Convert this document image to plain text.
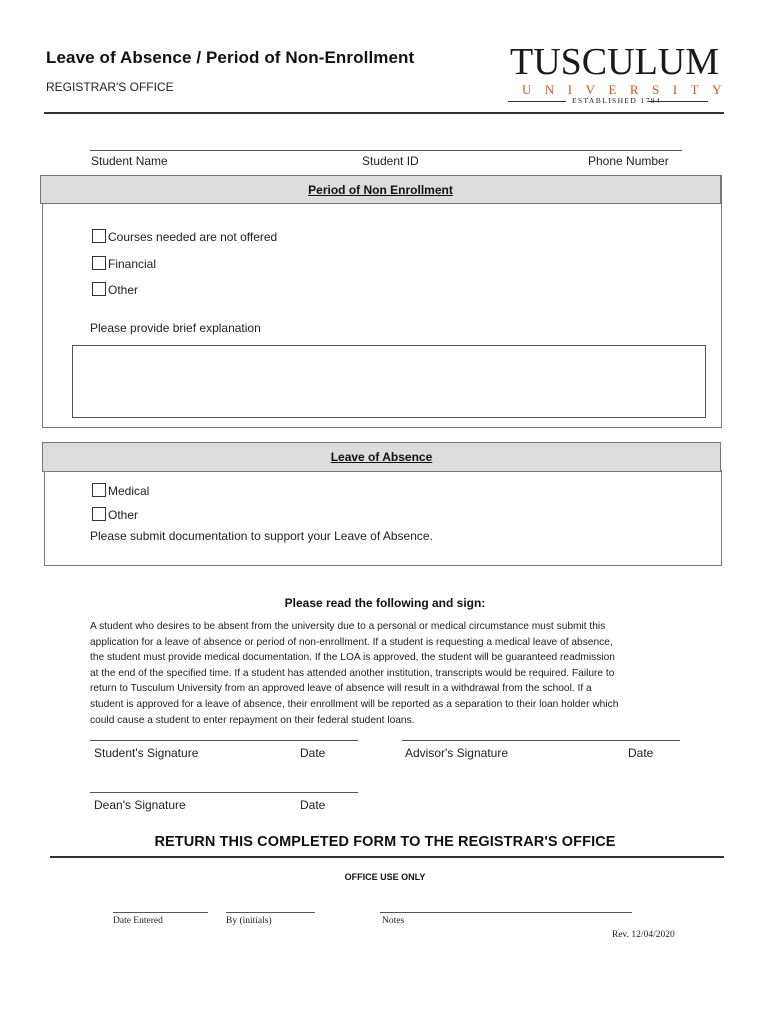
Leave of Absence / Period of Non-Enrollment
REGISTRAR'S OFFICE
TUSCULUM
UNIVERSITY
ESTABLISHED 1794
Student Name	Student ID	Phone Number
Period of Non Enrollment
Courses needed are not offered
Financial
Other
Please provide brief explanation
Leave of Absence
Medical
Other
Please submit documentation to support your Leave of Absence.
Please read the following and sign:
A student who desires to be absent from the university due to a personal or medical circumstance must submit this
application for a leave of absence or period of non-enrollment. If a student is requesting a medical leave of absence,
the student must provide medical documentation. If the LOA is approved, the student will be guaranteed readmission
at the end of the specified time. If a student has attended another institution, transcripts would be required. Failure to
return to Tusculum University from an approved leave of absence will result in a withdrawal from the school. If a
student is approved for a leave of absence, their enrollment will be reported as a separation to their loan holder which
could cause a student to enter repayment on their federal student loans.
Student's Signature	Date	Advisor's Signature	Date
Dean's Signature	Date
RETURN THIS COMPLETED FORM TO THE REGISTRAR'S OFFICE
OFFICE USE ONLY
Date Entered	By (initials)	Notes
Rev. 12/04/2020
